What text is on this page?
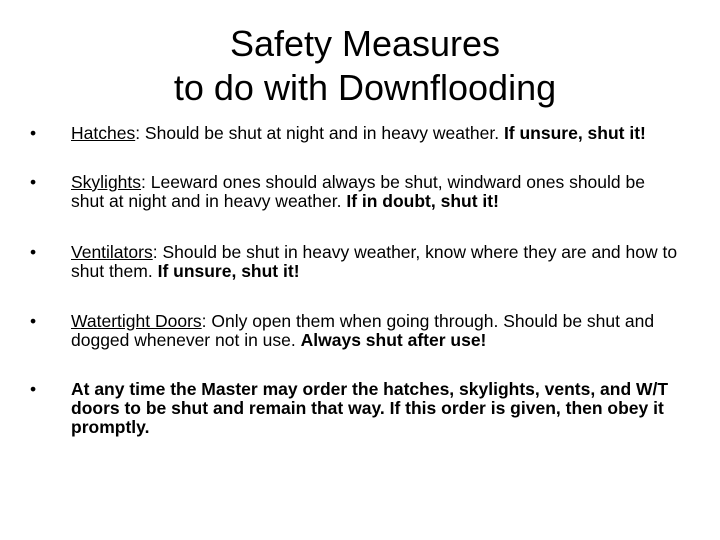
Safety Measures
to do with Downflooding
• Hatches: Should be shut at night and in heavy weather. If unsure, shut it!
• Skylights: Leeward ones should always be shut, windward ones should be shut at night and in heavy weather. If in doubt, shut it!
• Ventilators: Should be shut in heavy weather, know where they are and how to shut them. If unsure, shut it!
• Watertight Doors: Only open them when going through. Should be shut and dogged whenever not in use. Always shut after use!
• At any time the Master may order the hatches, skylights, vents, and W/T doors to be shut and remain that way. If this order is given, then obey it promptly.
